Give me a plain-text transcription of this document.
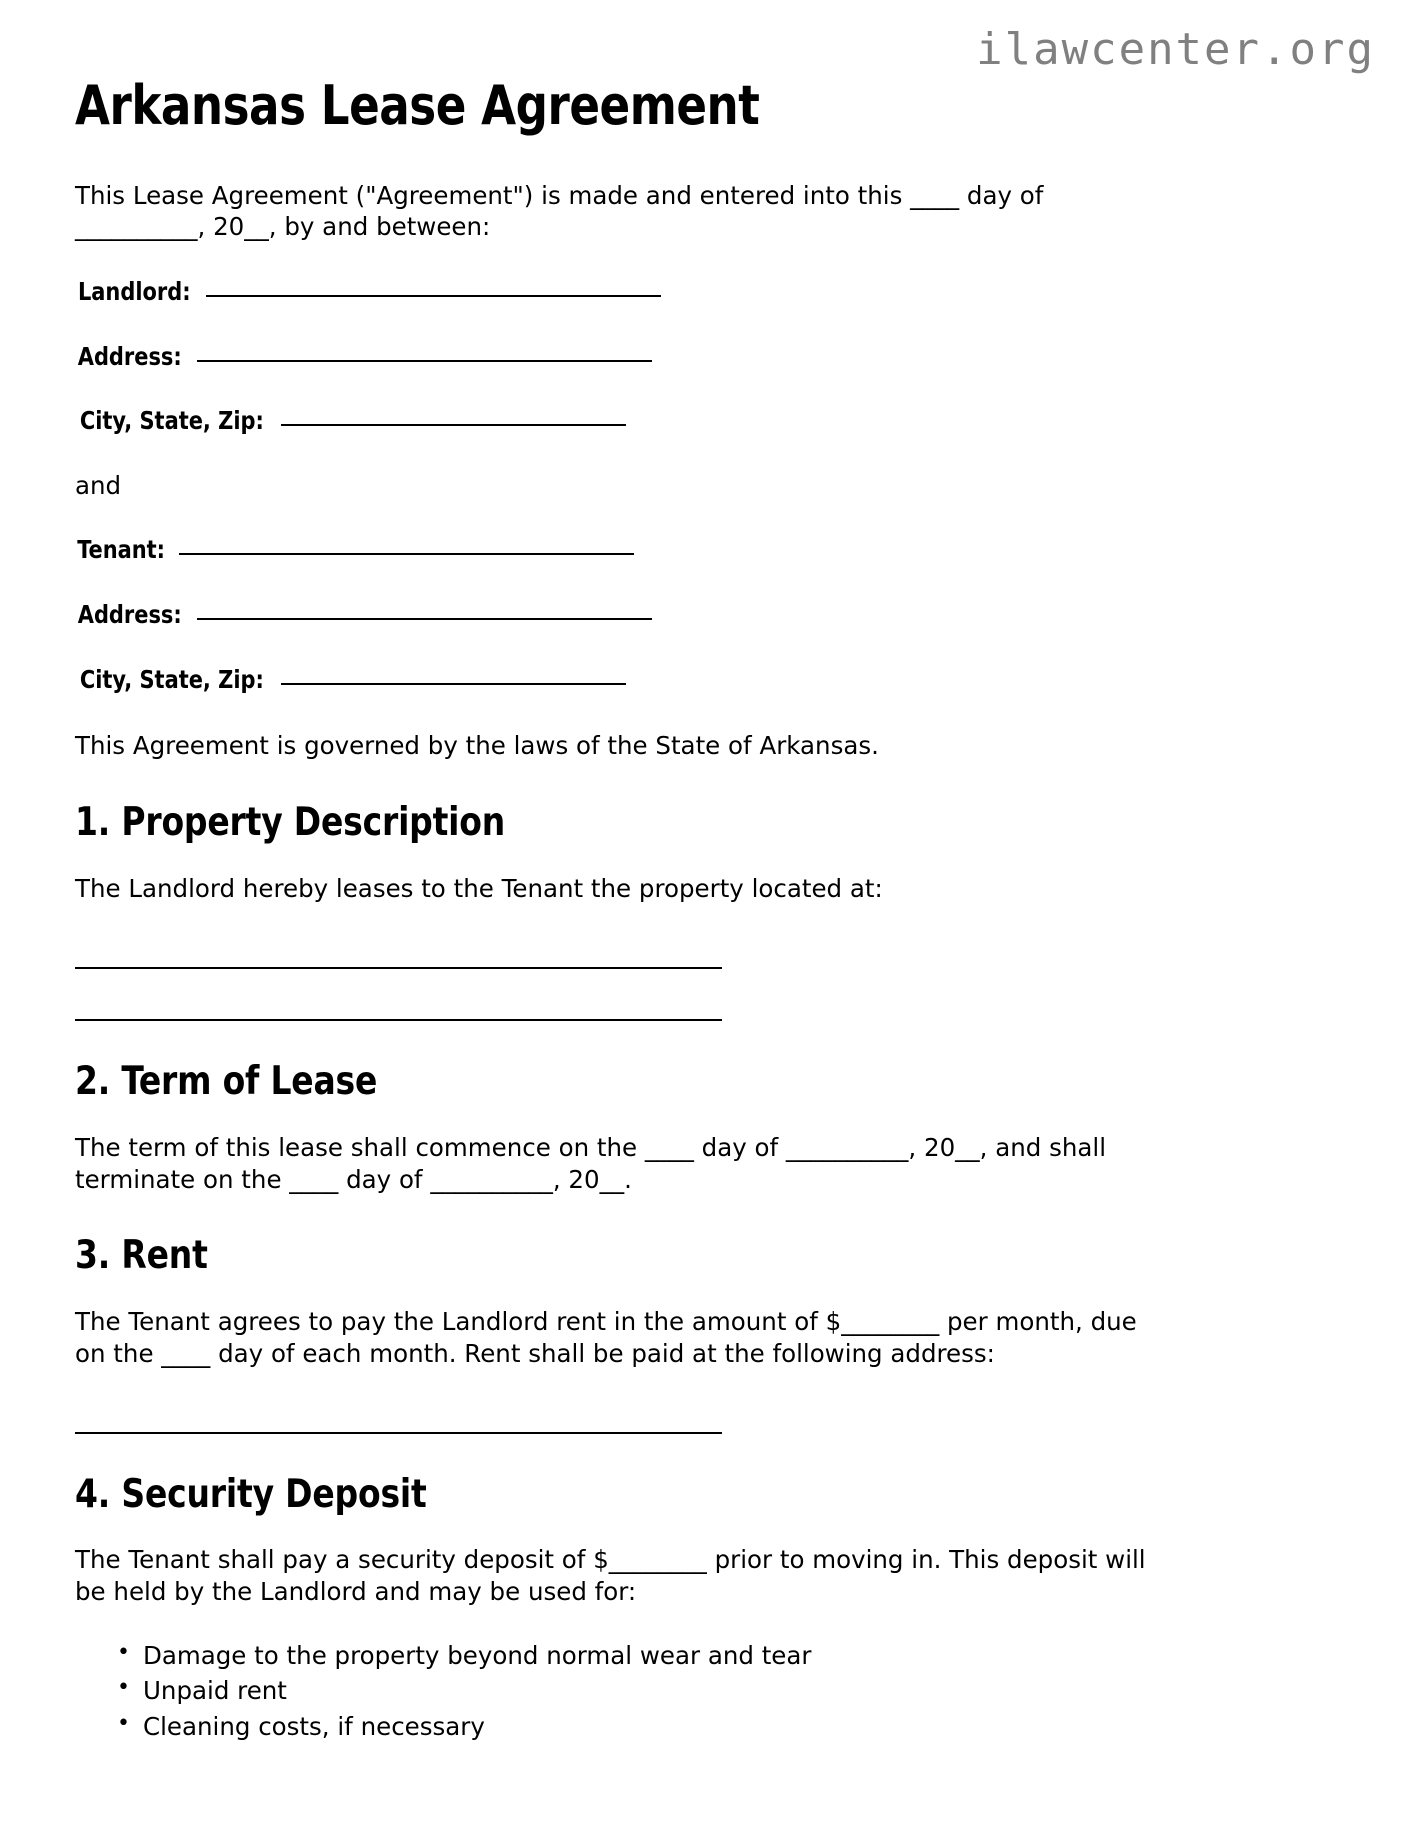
ilawcenter.org
Arkansas Lease Agreement

This Lease Agreement ("Agreement") is made and entered into this ____ day of __________, 20__, by and between:

Landlord:
Address:
City, State, Zip:
and
Tenant:
Address:
City, State, Zip:
This Agreement is governed by the laws of the State of Arkansas.
1. Property Description

The Landlord hereby leases to the Tenant the property located at:

2. Term of Lease

The term of this lease shall commence on the ____ day of __________, 20__, and shall terminate on the ____ day of __________, 20__.

3. Rent

The Tenant agrees to pay the Landlord rent in the amount of $________ per month, due on the ____ day of each month. Rent shall be paid at the following address:

4. Security Deposit

The Tenant shall pay a security deposit of $________ prior to moving in. This deposit will be held by the Landlord and may be used for:

• Damage to the property beyond normal wear and tear
• Unpaid rent
• Cleaning costs, if necessary
